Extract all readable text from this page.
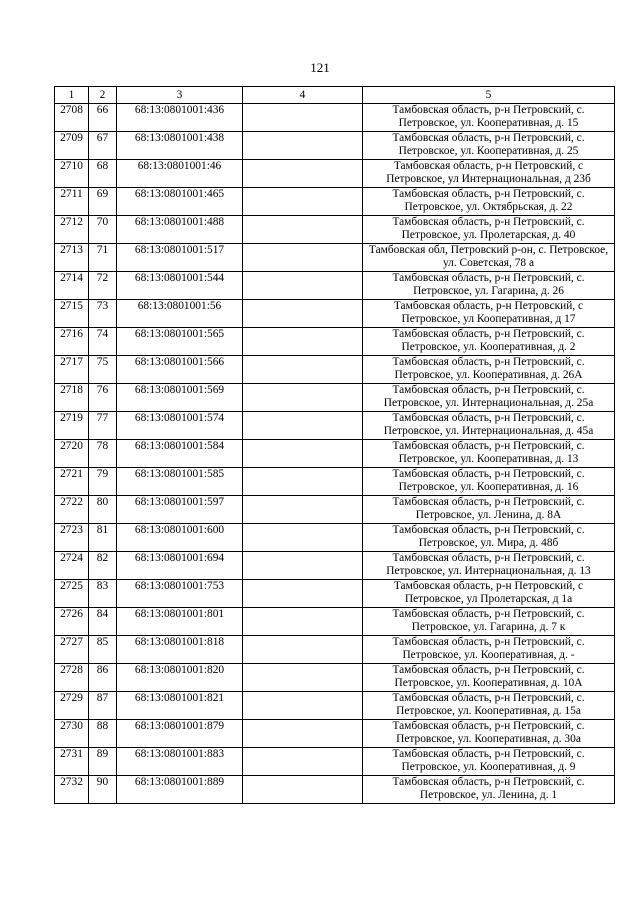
121
1	2	3	4	5
2708	66	68:13:0801001:436		Тамбовская область, р-н Петровский, с. Петровское, ул. Кооперативная, д. 15
2709	67	68:13:0801001:438		Тамбовская область, р-н Петровский, с. Петровское, ул. Кооперативная, д. 25
2710	68	68:13:0801001:46		Тамбовская область, р-н Петровский, с Петровское, ул Интернациональная, д 23б
2711	69	68:13:0801001:465		Тамбовская область, р-н Петровский, с. Петровское, ул. Октябрьская, д. 22
2712	70	68:13:0801001:488		Тамбовская область, р-н Петровский, с. Петровское, ул. Пролетарская, д. 40
2713	71	68:13:0801001:517		Тамбовская обл, Петровский р-он, с. Петровское, ул. Советская, 78 а
2714	72	68:13:0801001:544		Тамбовская область, р-н Петровский, с. Петровское, ул. Гагарина, д. 26
2715	73	68:13:0801001:56		Тамбовская область, р-н Петровский, с Петровское, ул Кооперативная, д 17
2716	74	68:13:0801001:565		Тамбовская область, р-н Петровский, с. Петровское, ул. Кооперативная, д. 2
2717	75	68:13:0801001:566		Тамбовская область, р-н Петровский, с. Петровское, ул. Кооперативная, д. 26А
2718	76	68:13:0801001:569		Тамбовская область, р-н Петровский, с. Петровское, ул. Интернациональная, д. 25а
2719	77	68:13:0801001:574		Тамбовская область, р-н Петровский, с. Петровское, ул. Интернациональная, д. 45а
2720	78	68:13:0801001:584		Тамбовская область, р-н Петровский, с. Петровское, ул. Кооперативная, д. 13
2721	79	68:13:0801001:585		Тамбовская область, р-н Петровский, с. Петровское, ул. Кооперативная, д. 16
2722	80	68:13:0801001:597		Тамбовская область, р-н Петровский, с. Петровское, ул. Ленина, д. 8А
2723	81	68:13:0801001:600		Тамбовская область, р-н Петровский, с. Петровское, ул. Мира, д. 48б
2724	82	68:13:0801001:694		Тамбовская область, р-н Петровский, с. Петровское, ул. Интернациональная, д. 13
2725	83	68:13:0801001:753		Тамбовская область, р-н Петровский, с Петровское, ул Пролетарская, д 1а
2726	84	68:13:0801001:801		Тамбовская область, р-н Петровский, с. Петровское, ул. Гагарина, д. 7 к
2727	85	68:13:0801001:818		Тамбовская область, р-н Петровский, с. Петровское, ул. Кооперативная, д. -
2728	86	68:13:0801001:820		Тамбовская область, р-н Петровский, с. Петровское, ул. Кооперативная, д. 10А
2729	87	68:13:0801001:821		Тамбовская область, р-н Петровский, с. Петровское, ул. Кооперативная, д. 15а
2730	88	68:13:0801001:879		Тамбовская область, р-н Петровский, с. Петровское, ул. Кооперативная, д. 30а
2731	89	68:13:0801001:883		Тамбовская область, р-н Петровский, с. Петровское, ул. Кооперативная, д. 9
2732	90	68:13:0801001:889		Тамбовская область, р-н Петровский, с. Петровское, ул. Ленина, д. 1
